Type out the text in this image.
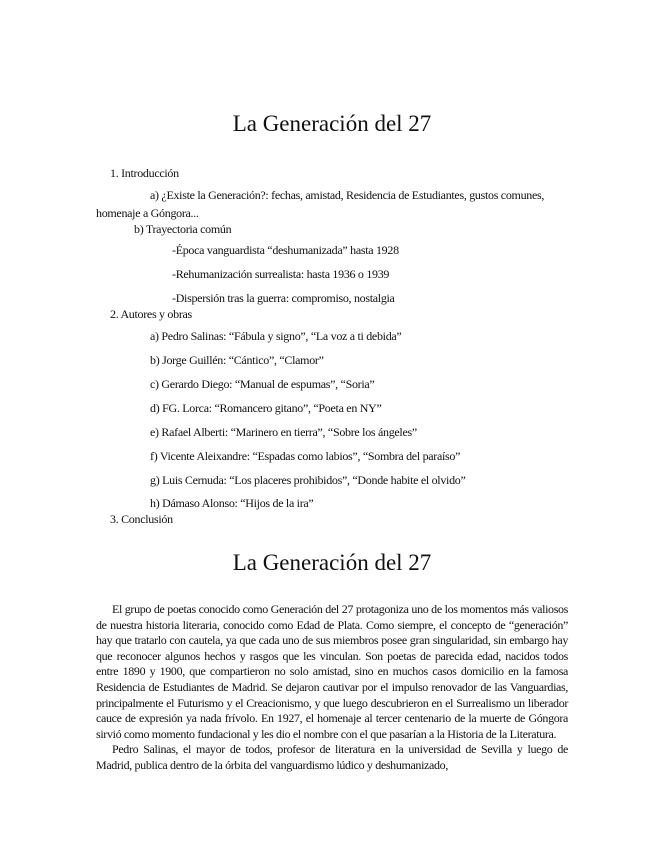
La Generación del 27
1. Introducción
a) ¿Existe la Generación?: fechas, amistad, Residencia de Estudiantes, gustos comunes, homenaje a Góngora...
b) Trayectoria común
-Época vanguardista “deshumanizada” hasta 1928
-Rehumanización surrealista: hasta 1936 o 1939
-Dispersión tras la guerra: compromiso, nostalgia
2. Autores y obras
a) Pedro Salinas: “Fábula y signo”, “La voz a ti debida”
b) Jorge Guillén: “Cántico”, “Clamor”
c) Gerardo Diego: “Manual de espumas”, “Soria”
d) FG. Lorca: “Romancero gitano”, “Poeta en NY”
e) Rafael Alberti: “Marinero en tierra”, “Sobre los ángeles”
f) Vicente Aleixandre: “Espadas como labios”, “Sombra del paraíso”
g) Luis Cernuda: “Los placeres prohibidos”, “Donde habite el olvido”
h) Dámaso Alonso: “Hijos de la ira”
3. Conclusión
La Generación del 27

El grupo de poetas conocido como Generación del 27 protagoniza uno de los momentos más valiosos de nuestra historia literaria, conocido como Edad de Plata. Como siempre, el concepto de “generación” hay que tratarlo con cautela, ya que cada uno de sus miembros posee gran singularidad, sin embargo hay que reconocer algunos hechos y rasgos que les vinculan. Son poetas de parecida edad, nacidos todos entre 1890 y 1900, que compartieron no solo amistad, sino en muchos casos domicilio en la famosa Residencia de Estudiantes de Madrid. Se dejaron cautivar por el impulso renovador de las Vanguardias, principalmente el Futurismo y el Creacionismo, y que luego descubrieron en el Surrealismo un liberador cauce de expresión ya nada frívolo. En 1927, el homenaje al tercer centenario de la muerte de Góngora sirvió como momento fundacional y les dio el nombre con el que pasarían a la Historia de la Literatura.

Pedro Salinas, el mayor de todos, profesor de literatura en la universidad de Sevilla y luego de Madrid, publica dentro de la órbita del vanguardismo lúdico y deshumanizado,
